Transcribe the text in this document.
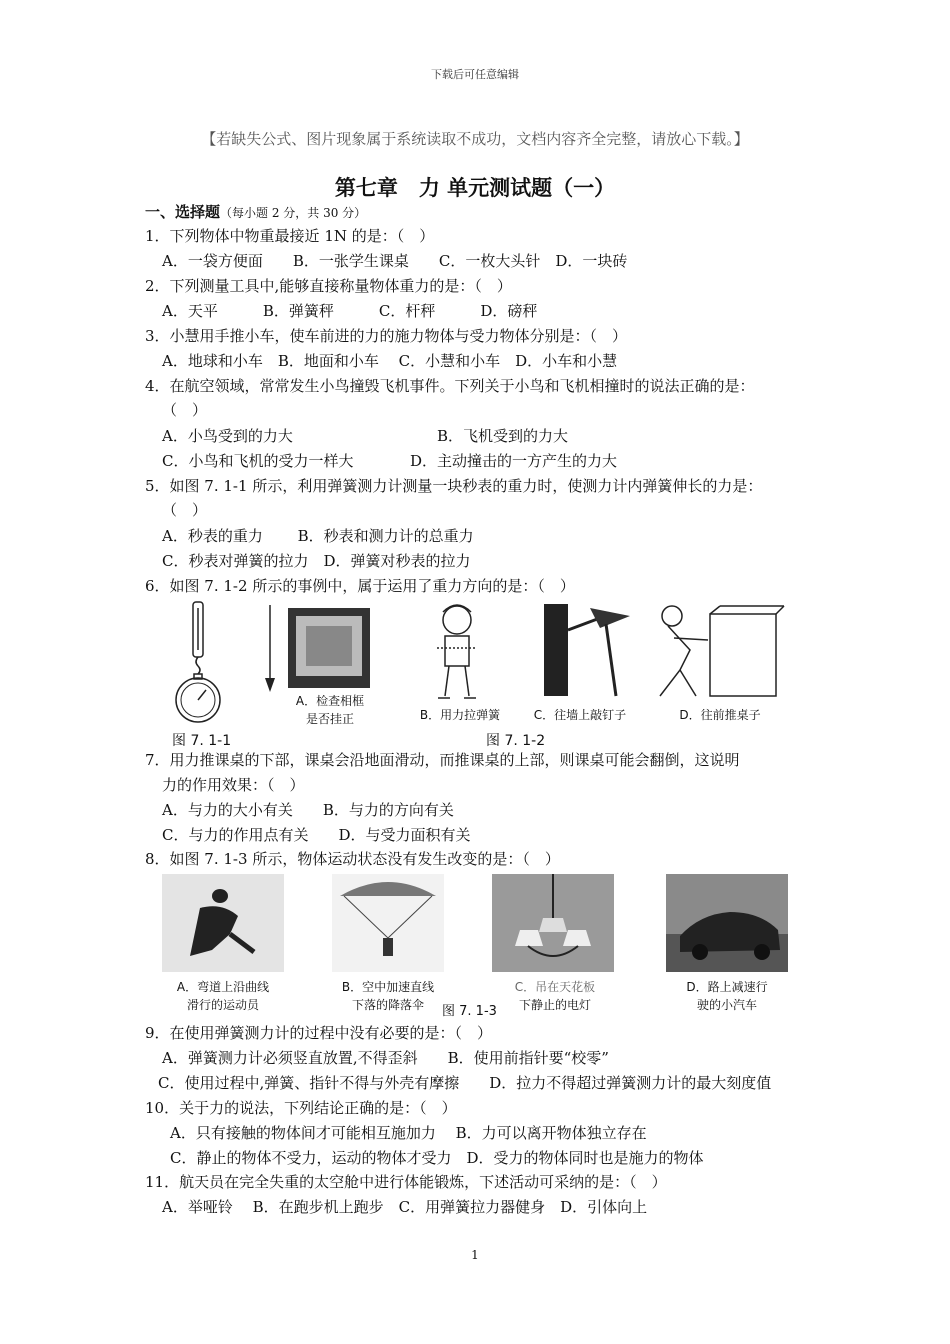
下载后可任意编辑
【若缺失公式、图片现象属于系统读取不成功，文档内容齐全完整，请放心下载。】
第七章　力 单元测试题（一）
一、选择题（每小题 2 分，共 30 分）
1．下列物体中物重最接近 1N 的是：（　）
A．一袋方便面　　B．一张学生课桌　　C．一枚大头针　D．一块砖
2．下列测量工具中,能够直接称量物体重力的是：（　）
A．天平　　　B．弹簧秤　　　C．杆秤　　　D．磅秤
3．小慧用手推小车，使车前进的力的施力物体与受力物体分别是：（　）
A．地球和小车　B．地面和小车　 C．小慧和小车　D．小车和小慧
4．在航空领域，常常发生小鸟撞毁飞机事件。下列关于小鸟和飞机相撞时的说法正确的是：
（　）
A．小鸟受到的力大	B．飞机受到的力大
C．小鸟和飞机的受力一样大	D．主动撞击的一方产生的力大
5．如图 7. 1-1 所示，利用弹簧测力计测量一块秒表的重力时，使测力计内弹簧伸长的力是：
（　）
A．秒表的重力　　 B．秒表和测力计的总重力
C．秒表对弹簧的拉力　D．弹簧对秒表的拉力
6．如图 7. 1-2 所示的事例中，属于运用了重力方向的是：（　）
A．检查相框
是否挂正	B．用力拉弹簧	C．往墙上敲钉子	D．往前推桌子
图 7. 1-1	图 7. 1-2
7．用力推课桌的下部，课桌会沿地面滑动，而推课桌的上部，则课桌可能会翻倒，这说明
力的作用效果：（　）
A．与力的大小有关　　B．与力的方向有关
C．与力的作用点有关　　D．与受力面积有关
8．如图 7. 1-3 所示，物体运动状态没有发生改变的是：（　）
A．弯道上沿曲线
滑行的运动员
B．空中加速直线
下落的降落伞	图 7. 1-3
C．吊在天花板
下静止的电灯
D．路上减速行
驶的小汽车
9．在使用弹簧测力计的过程中没有必要的是：（　）
A．弹簧测力计必须竖直放置,不得歪斜　　B．使用前指针要“校零”
C．使用过程中,弹簧、指针不得与外壳有摩擦　　D．拉力不得超过弹簧测力计的最大刻度值
10．关于力的说法，下列结论正确的是：（　）
A．只有接触的物体间才可能相互施加力　 B．力可以离开物体独立存在
C．静止的物体不受力，运动的物体才受力　D．受力的物体同时也是施力的物体
11．航天员在完全失重的太空舱中进行体能锻炼，下述活动可采纳的是：（　）
A．举哑铃　 B．在跑步机上跑步　C．用弹簧拉力器健身　D．引体向上
1
